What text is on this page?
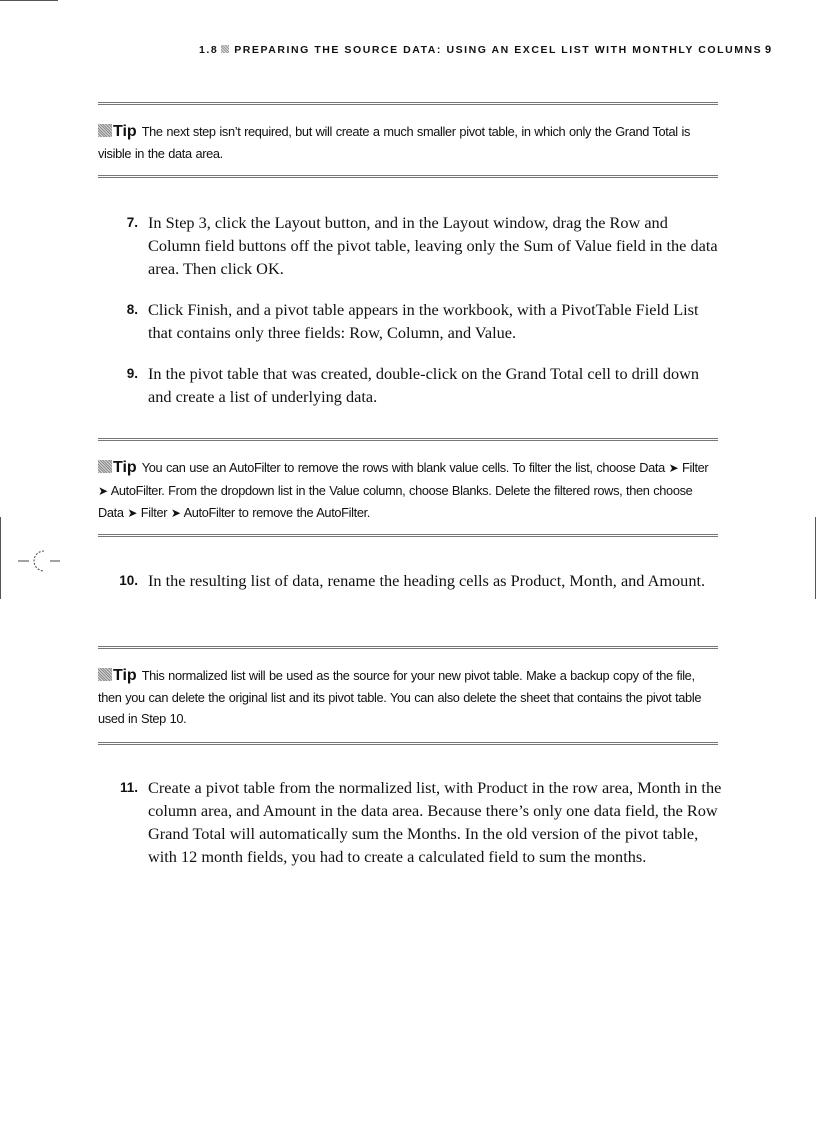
1.8 PREPARING THE SOURCE DATA: USING AN EXCEL LIST WITH MONTHLY COLUMNS 9
Tip The next step isn’t required, but will create a much smaller pivot table, in which only the Grand Total is visible in the data area.
7. In Step 3, click the Layout button, and in the Layout window, drag the Row and Column field buttons off the pivot table, leaving only the Sum of Value field in the data area. Then click OK.
8. Click Finish, and a pivot table appears in the workbook, with a PivotTable Field List that contains only three fields: Row, Column, and Value.
9. In the pivot table that was created, double-click on the Grand Total cell to drill down and create a list of underlying data.
Tip You can use an AutoFilter to remove the rows with blank value cells. To filter the list, choose Data ➤ Filter ➤ AutoFilter. From the dropdown list in the Value column, choose Blanks. Delete the filtered rows, then choose Data ➤ Filter ➤ AutoFilter to remove the AutoFilter.
10. In the resulting list of data, rename the heading cells as Product, Month, and Amount.
Tip This normalized list will be used as the source for your new pivot table. Make a backup copy of the file, then you can delete the original list and its pivot table. You can also delete the sheet that contains the pivot table used in Step 10.
11. Create a pivot table from the normalized list, with Product in the row area, Month in the column area, and Amount in the data area. Because there’s only one data field, the Row Grand Total will automatically sum the Months. In the old version of the pivot table, with 12 month fields, you had to create a calculated field to sum the months.
